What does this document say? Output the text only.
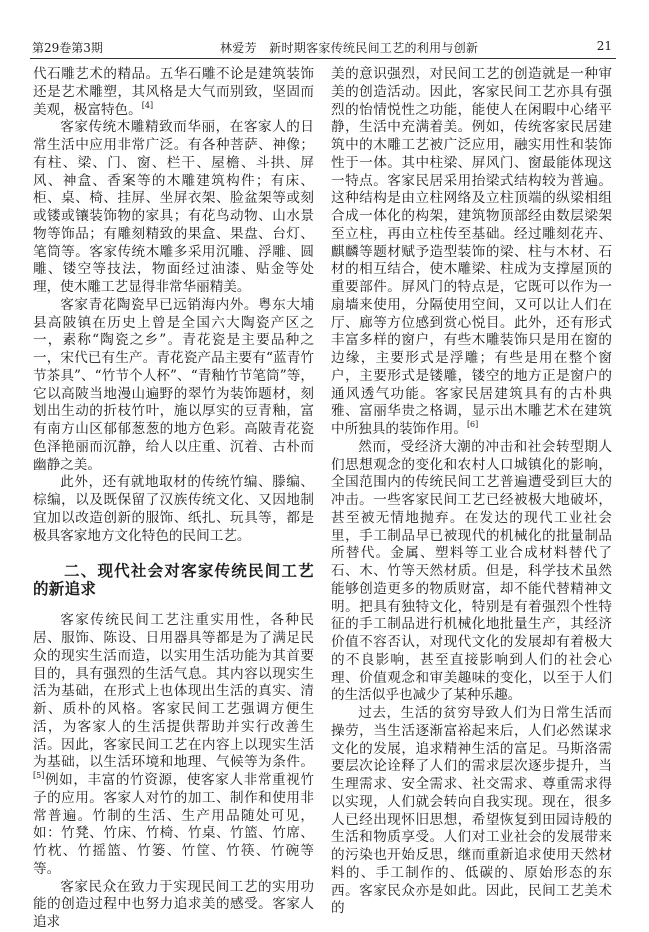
第29卷第3期	林爱芳　新时期客家传统民间工艺的利用与创新	21

代石雕艺术的精品。五华石雕不论是建筑装饰还是艺术雕塑，其风格是大气而别致，坚固而美观，极富特色。[4]

客家传统木雕精致而华丽，在客家人的日常生活中应用非常广泛。有各种菩萨、神像；有柱、梁、门、窗、栏干、屋檐、斗拱、屏风、神盒、香案等的木雕建筑构件；有床、柜、桌、椅、挂屏、坐屏衣架、脸盆架等或刻或镂或镶装饰物的家具；有花鸟动物、山水景物等饰品；有雕刻精致的果盒、果盘、台灯、笔筒等。客家传统木雕多采用沉雕、浮雕、圆雕、镂空等技法，物面经过油漆、贴金等处理，使木雕工艺显得非常华丽精美。

客家青花陶瓷早已远销海内外。粤东大埔县高陂镇在历史上曾是全国六大陶瓷产区之一，素称“陶瓷之乡”。青花瓷是主要品种之一，宋代已有生产。青花瓷产品主要有“蓝青竹节茶具”、“竹节个人杯”、“青釉竹节笔筒”等，它以高陂当地漫山遍野的翠竹为装饰题材，刻划出生动的折枝竹叶，施以厚实的豆青釉，富有南方山区郁郁葱葱的地方色彩。高陂青花瓷色泽艳丽而沉静，给人以庄重、沉着、古朴而幽静之美。

此外，还有就地取材的传统竹编、滕编、棕编，以及既保留了汉族传统文化、又因地制宜加以改造创新的服饰、纸扎、玩具等，都是极具客家地方文化特色的民间工艺。

二、现代社会对客家传统民间工艺的新追求

客家传统民间工艺注重实用性，各种民居、服饰、陈设、日用器具等都是为了满足民众的现实生活而造，以实用生活功能为其首要目的，具有强烈的生活气息。其内容以现实生活为基础，在形式上也体现出生活的真实、清新、质朴的风格。客家民间工艺强调方便生活，为客家人的生活提供帮助并实行改善生活。因此，客家民间工艺在内容上以现实生活为基础，以生活环境和地理、气候等为条件。[5]例如，丰富的竹资源，使客家人非常重视竹子的应用。客家人对竹的加工、制作和使用非常普遍。竹制的生活、生产用品随处可见，如：竹凳、竹床、竹椅、竹桌、竹篮、竹席、竹枕、竹摇篮、竹篓、竹筐、竹筷、竹碗等等。

客家民众在致力于实现民间工艺的实用功能的创造过程中也努力追求美的感受。客家人追求

美的意识强烈，对民间工艺的创造就是一种审美的创造活动。因此，客家民间工艺亦具有强烈的怡情悦性之功能，能使人在闲暇中心绪平静，生活中充满着美。例如，传统客家民居建筑中的木雕工艺被广泛应用，融实用性和装饰性于一体。其中柱梁、屏风门、窗最能体现这一特点。客家民居采用抬梁式结构较为普遍。这种结构是由立柱网络及立柱顶端的纵梁相组合成一体化的构架，建筑物顶部经由数层梁架至立柱，再由立柱传至基础。经过雕刻花卉、麒麟等题材赋予造型装饰的梁、柱与木材、石材的相互结合，使木雕梁、柱成为支撑屋顶的重要部件。屏风门的特点是，它既可以作为一扇墙来使用，分隔使用空间，又可以让人们在厅、廊等方位感到赏心悦目。此外，还有形式丰富多样的窗户，有些木雕装饰只是用在窗的边缘，主要形式是浮雕；有些是用在整个窗户，主要形式是镂雕，镂空的地方正是窗户的通风透气功能。客家民居建筑具有的古朴典雅、富丽华贵之格调，显示出木雕艺术在建筑中所独具的装饰作用。[6]

然而，受经济大潮的冲击和社会转型期人们思想观念的变化和农村人口城镇化的影响，全国范围内的传统民间工艺普遍遭受到巨大的冲击。一些客家民间工艺已经被极大地破坏，甚至被无情地抛弃。在发达的现代工业社会里，手工制品早已被现代的机械化的批量制品所替代。金属、塑料等工业合成材料替代了石、木、竹等天然材质。但是，科学技术虽然能够创造更多的物质财富，却不能代替精神文明。把具有独特文化，特别是有着强烈个性特征的手工制品进行机械化地批量生产，其经济价值不容否认，对现代文化的发展却有着极大的不良影响，甚至直接影响到人们的社会心理、价值观念和审美趣味的变化，以至于人们的生活似乎也减少了某种乐趣。

过去，生活的贫穷导致人们为日常生活而操劳，当生活逐渐富裕起来后，人们必然谋求文化的发展，追求精神生活的富足。马斯洛需要层次论诠释了人们的需求层次逐步提升，当生理需求、安全需求、社交需求、尊重需求得以实现，人们就会转向自我实现。现在，很多人已经出现怀旧思想，希望恢复到田园诗般的生活和物质享受。人们对工业社会的发展带来的污染也开始反思，继而重新追求使用天然材料的、手工制作的、低碳的、原始形态的东西。客家民众亦是如此。因此，民间工艺美术的
